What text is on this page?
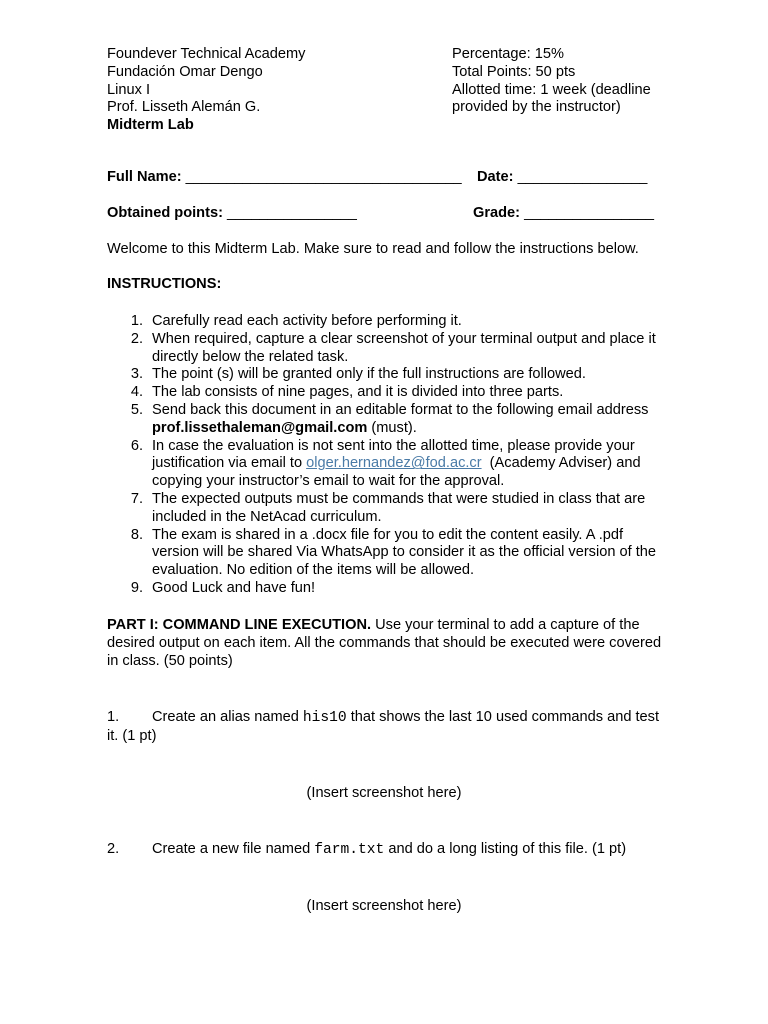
Foundever Technical Academy
Fundación Omar Dengo
Linux I
Prof. Lisseth Alemán G.
Midterm Lab
Percentage: 15%
Total Points: 50 pts
Allotted time: 1 week (deadline provided by the instructor)
Full Name: __________________________________ Date: ________________
Obtained points: ________________	Grade: ________________
Welcome to this Midterm Lab. Make sure to read and follow the instructions below.
INSTRUCTIONS:
1. Carefully read each activity before performing it.
2. When required, capture a clear screenshot of your terminal output and place it directly below the related task.
3. The point (s) will be granted only if the full instructions are followed.
4. The lab consists of nine pages, and it is divided into three parts.
5. Send back this document in an editable format to the following email address prof.lissethaleman@gmail.com (must).
6. In case the evaluation is not sent into the allotted time, please provide your justification via email to olger.hernandez@fod.ac.cr  (Academy Adviser) and copying your instructor’s email to wait for the approval.
7. The expected outputs must be commands that were studied in class that are included in the NetAcad curriculum.
8. The exam is shared in a .docx file for you to edit the content easily. A .pdf version will be shared Via WhatsApp to consider it as the official version of the evaluation. No edition of the items will be allowed.
9. Good Luck and have fun!
PART I: COMMAND LINE EXECUTION. Use your terminal to add a capture of the desired output on each item. All the commands that should be executed were covered in class. (50 points)
1. Create an alias named his10 that shows the last 10 used commands and test it. (1 pt)
(Insert screenshot here)
2. Create a new file named farm.txt and do a long listing of this file. (1 pt)
(Insert screenshot here)
